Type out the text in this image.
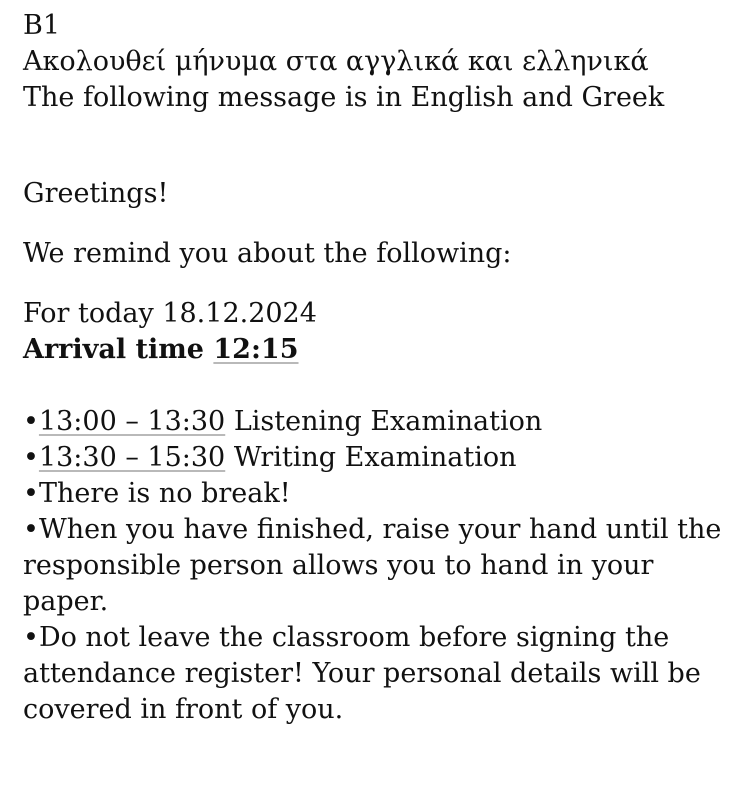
B1

Ακολουθεί μήνυμα στα αγγλικά και ελληνικά

The following message is in English and Greek

Greetings!

We remind you about the following:

For today 18.12.2024

Arrival time 12:15

•13:00 – 13:30 Listening Examination

•13:30 – 15:30 Writing Examination

•There is no break!

•When you have finished, raise your hand until the responsible person allows you to hand in your paper.

•Do not leave the classroom before signing the attendance register! Your personal details will be covered in front of you.
